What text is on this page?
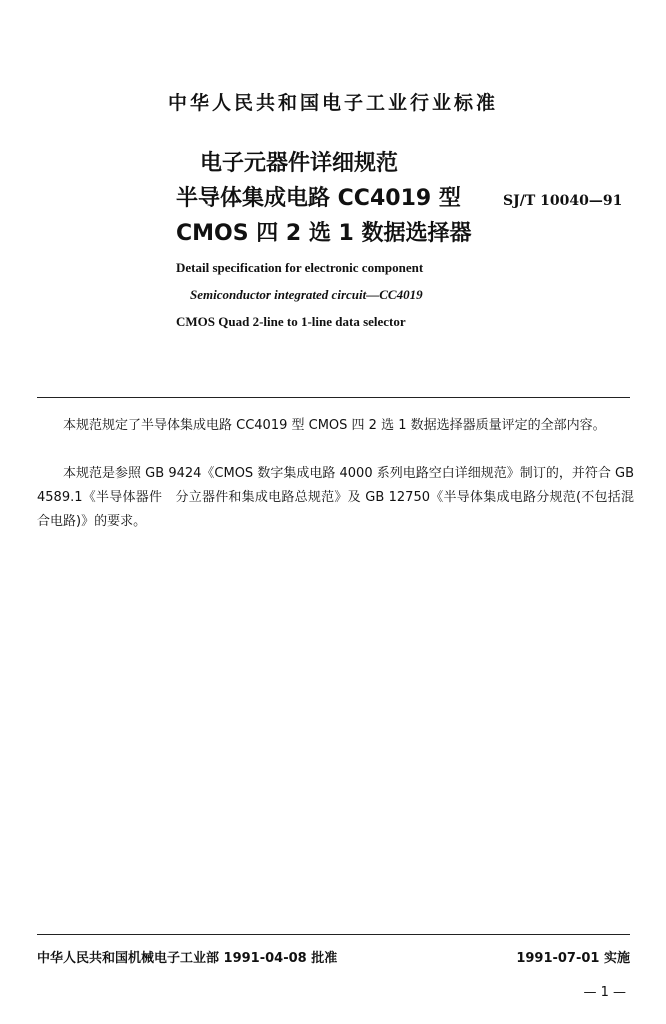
中华人民共和国电子工业行业标准
电子元器件详细规范
半导体集成电路 CC4019 型
CMOS 四 2 选 1 数据选择器
SJ/T 10040—91
Detail specification for electronic component
Semiconductor integrated circuit—CC4019
CMOS Quad 2-line to 1-line data selector
本规范规定了半导体集成电路 CC4019 型 CMOS 四 2 选 1 数据选择器质量评定的全部内容。
本规范是参照 GB 9424《CMOS 数字集成电路 4000 系列电路空白详细规范》制订的，并符合 GB 4589.1《半导体器件　分立器件和集成电路总规范》及 GB 12750《半导体集成电路分规范(不包括混合电路)》的要求。
中华人民共和国机械电子工业部 1991-04-08 批准	1991-07-01 实施
— 1 —
